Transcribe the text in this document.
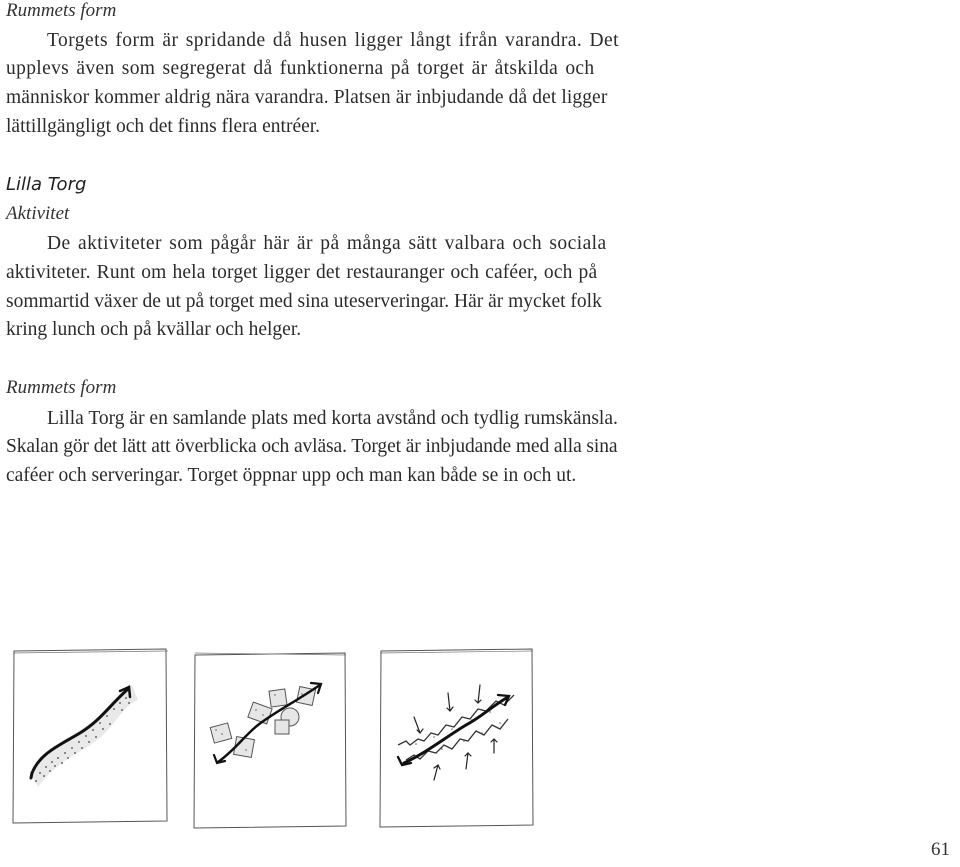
Rummets form
Torgets form är spridande då husen ligger långt ifrån varandra. Det
upplevs även som segregerat då funktionerna på torget är åtskilda och
människor kommer aldrig nära varandra. Platsen är inbjudande då det ligger
lättillgängligt och det finns flera entréer.
Lilla Torg
Aktivitet
De aktiviteter som pågår här är på många sätt valbara och sociala
aktiviteter. Runt om hela torget ligger det restauranger och caféer, och på
sommartid växer de ut på torget med sina uteserveringar. Här är mycket folk
kring lunch och på kvällar och helger.
Rummets form
Lilla Torg är en samlande plats med korta avstånd och tydlig rumskänsla.
Skalan gör det lätt att överblicka och avläsa. Torget är inbjudande med alla sina
caféer och serveringar. Torget öppnar upp och man kan både se in och ut.
61
